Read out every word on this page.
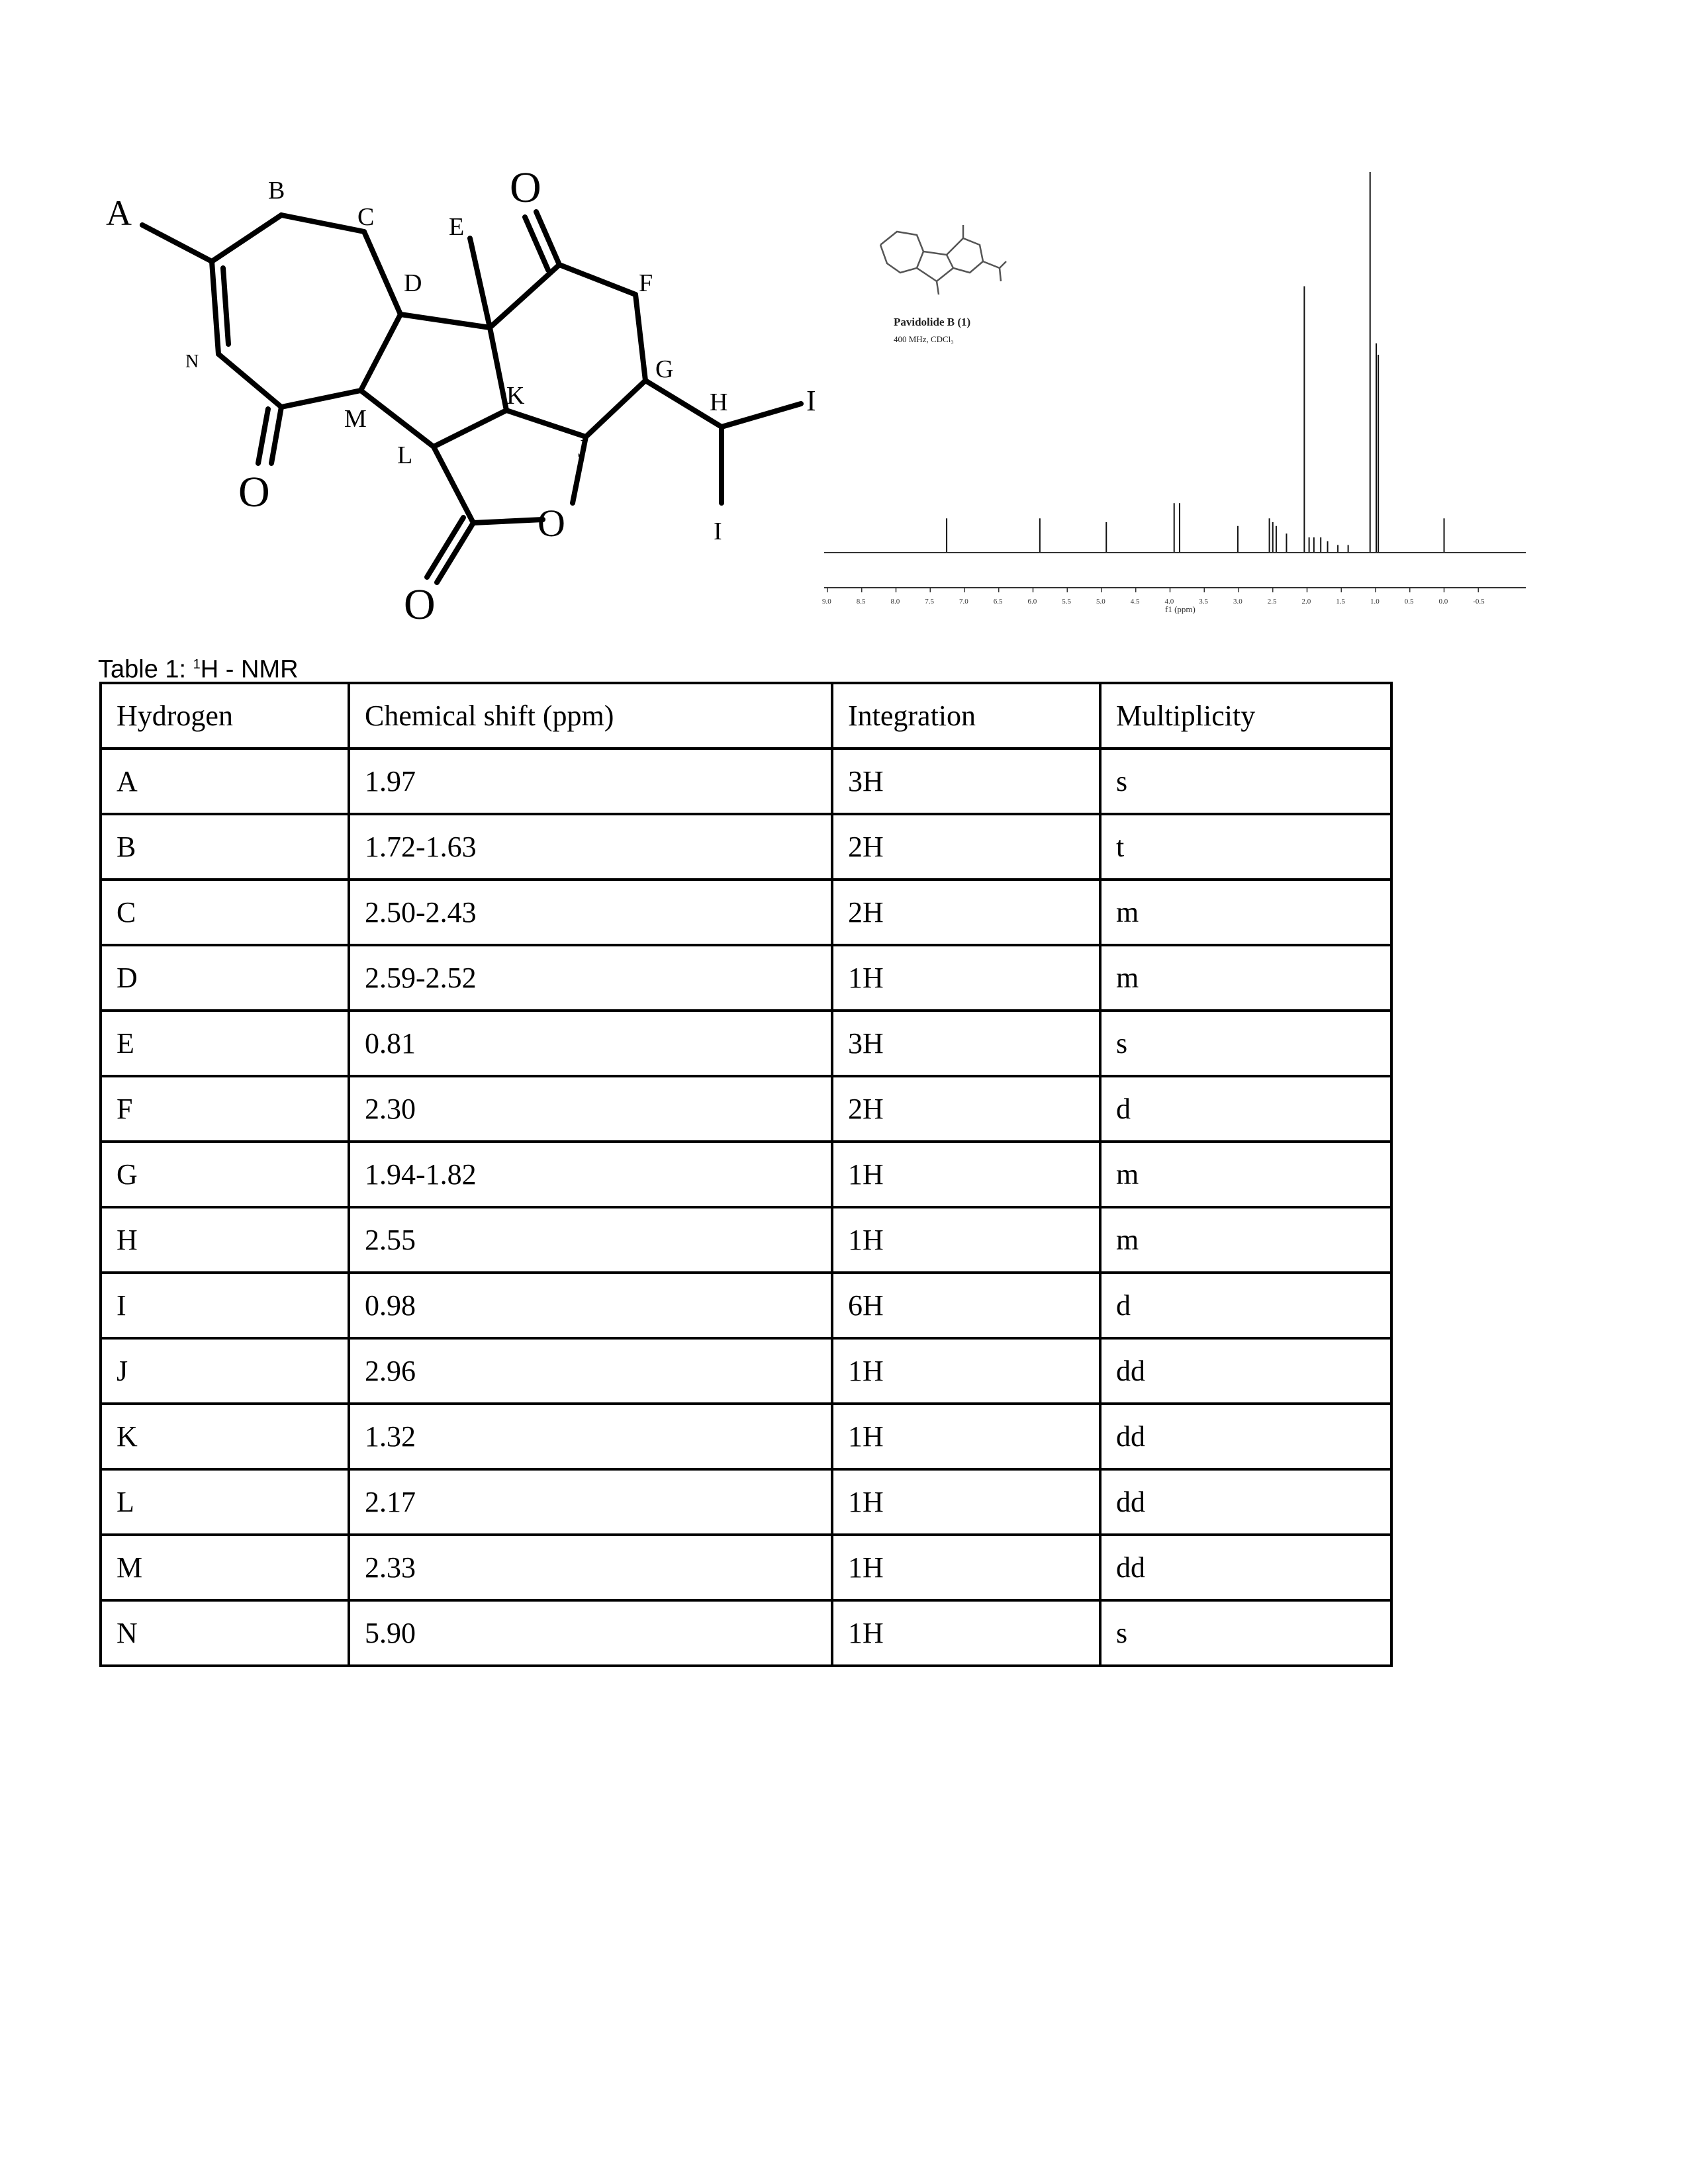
A
B
C
D
E
F
G
H	I
I
J
K
L
M
N
O
O
O
O
Pavidolide B (1)
400 MHz, CDCl₃
9.0	8.5	8.0	7.5	7.0	6.5	6.0	5.5	5.0	4.5	4.0	3.5	3.0	2.5	2.0	1.5	1.0	0.5	0.0	-0.5
f1 (ppm)
Table 1: $^1$H - NMR
Hydrogen	Chemical shift (ppm)	Integration	Multiplicity
A	1.97	3H	s
B	1.72-1.63	2H	t
C	2.50-2.43	2H	m
D	2.59-2.52	1H	m
E	0.81	3H	s
F	2.30	2H	d
G	1.94-1.82	1H	m
H	2.55	1H	m
I	0.98	6H	d
J	2.96	1H	dd
K	1.32	1H	dd
L	2.17	1H	dd
M	2.33	1H	dd
N	5.90	1H	s
